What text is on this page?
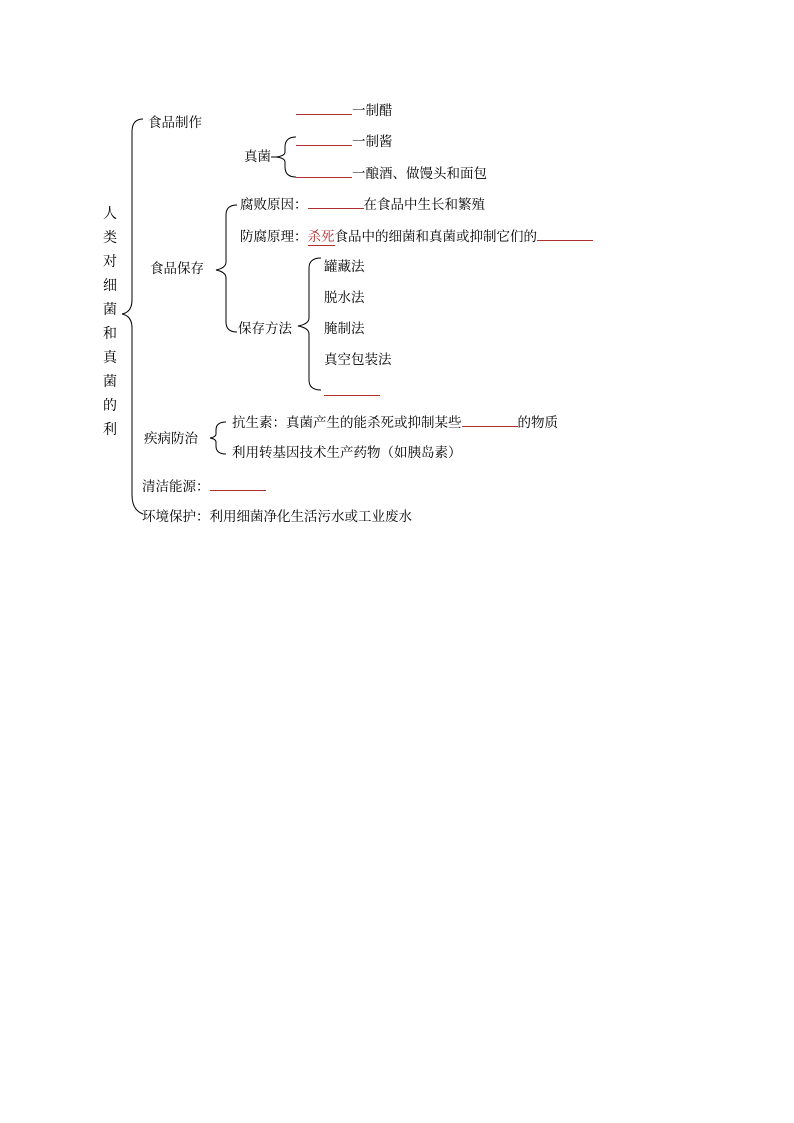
人
类
对
细
菌
和
真
菌
的
利
食品制作
一制醋
真菌
一制酱
一酿酒、做馒头和面包
食品保存
腐败原因：	在食品中生长和繁殖
防腐原理：杀死食品中的细菌和真菌或抑制它们的
保存方法
罐藏法
脱水法
腌制法
真空包装法
疾病防治
抗生素：真菌产生的能杀死或抑制某些	的物质
利用转基因技术生产药物（如胰岛素）
清洁能源：
环境保护：利用细菌净化生活污水或工业废水
